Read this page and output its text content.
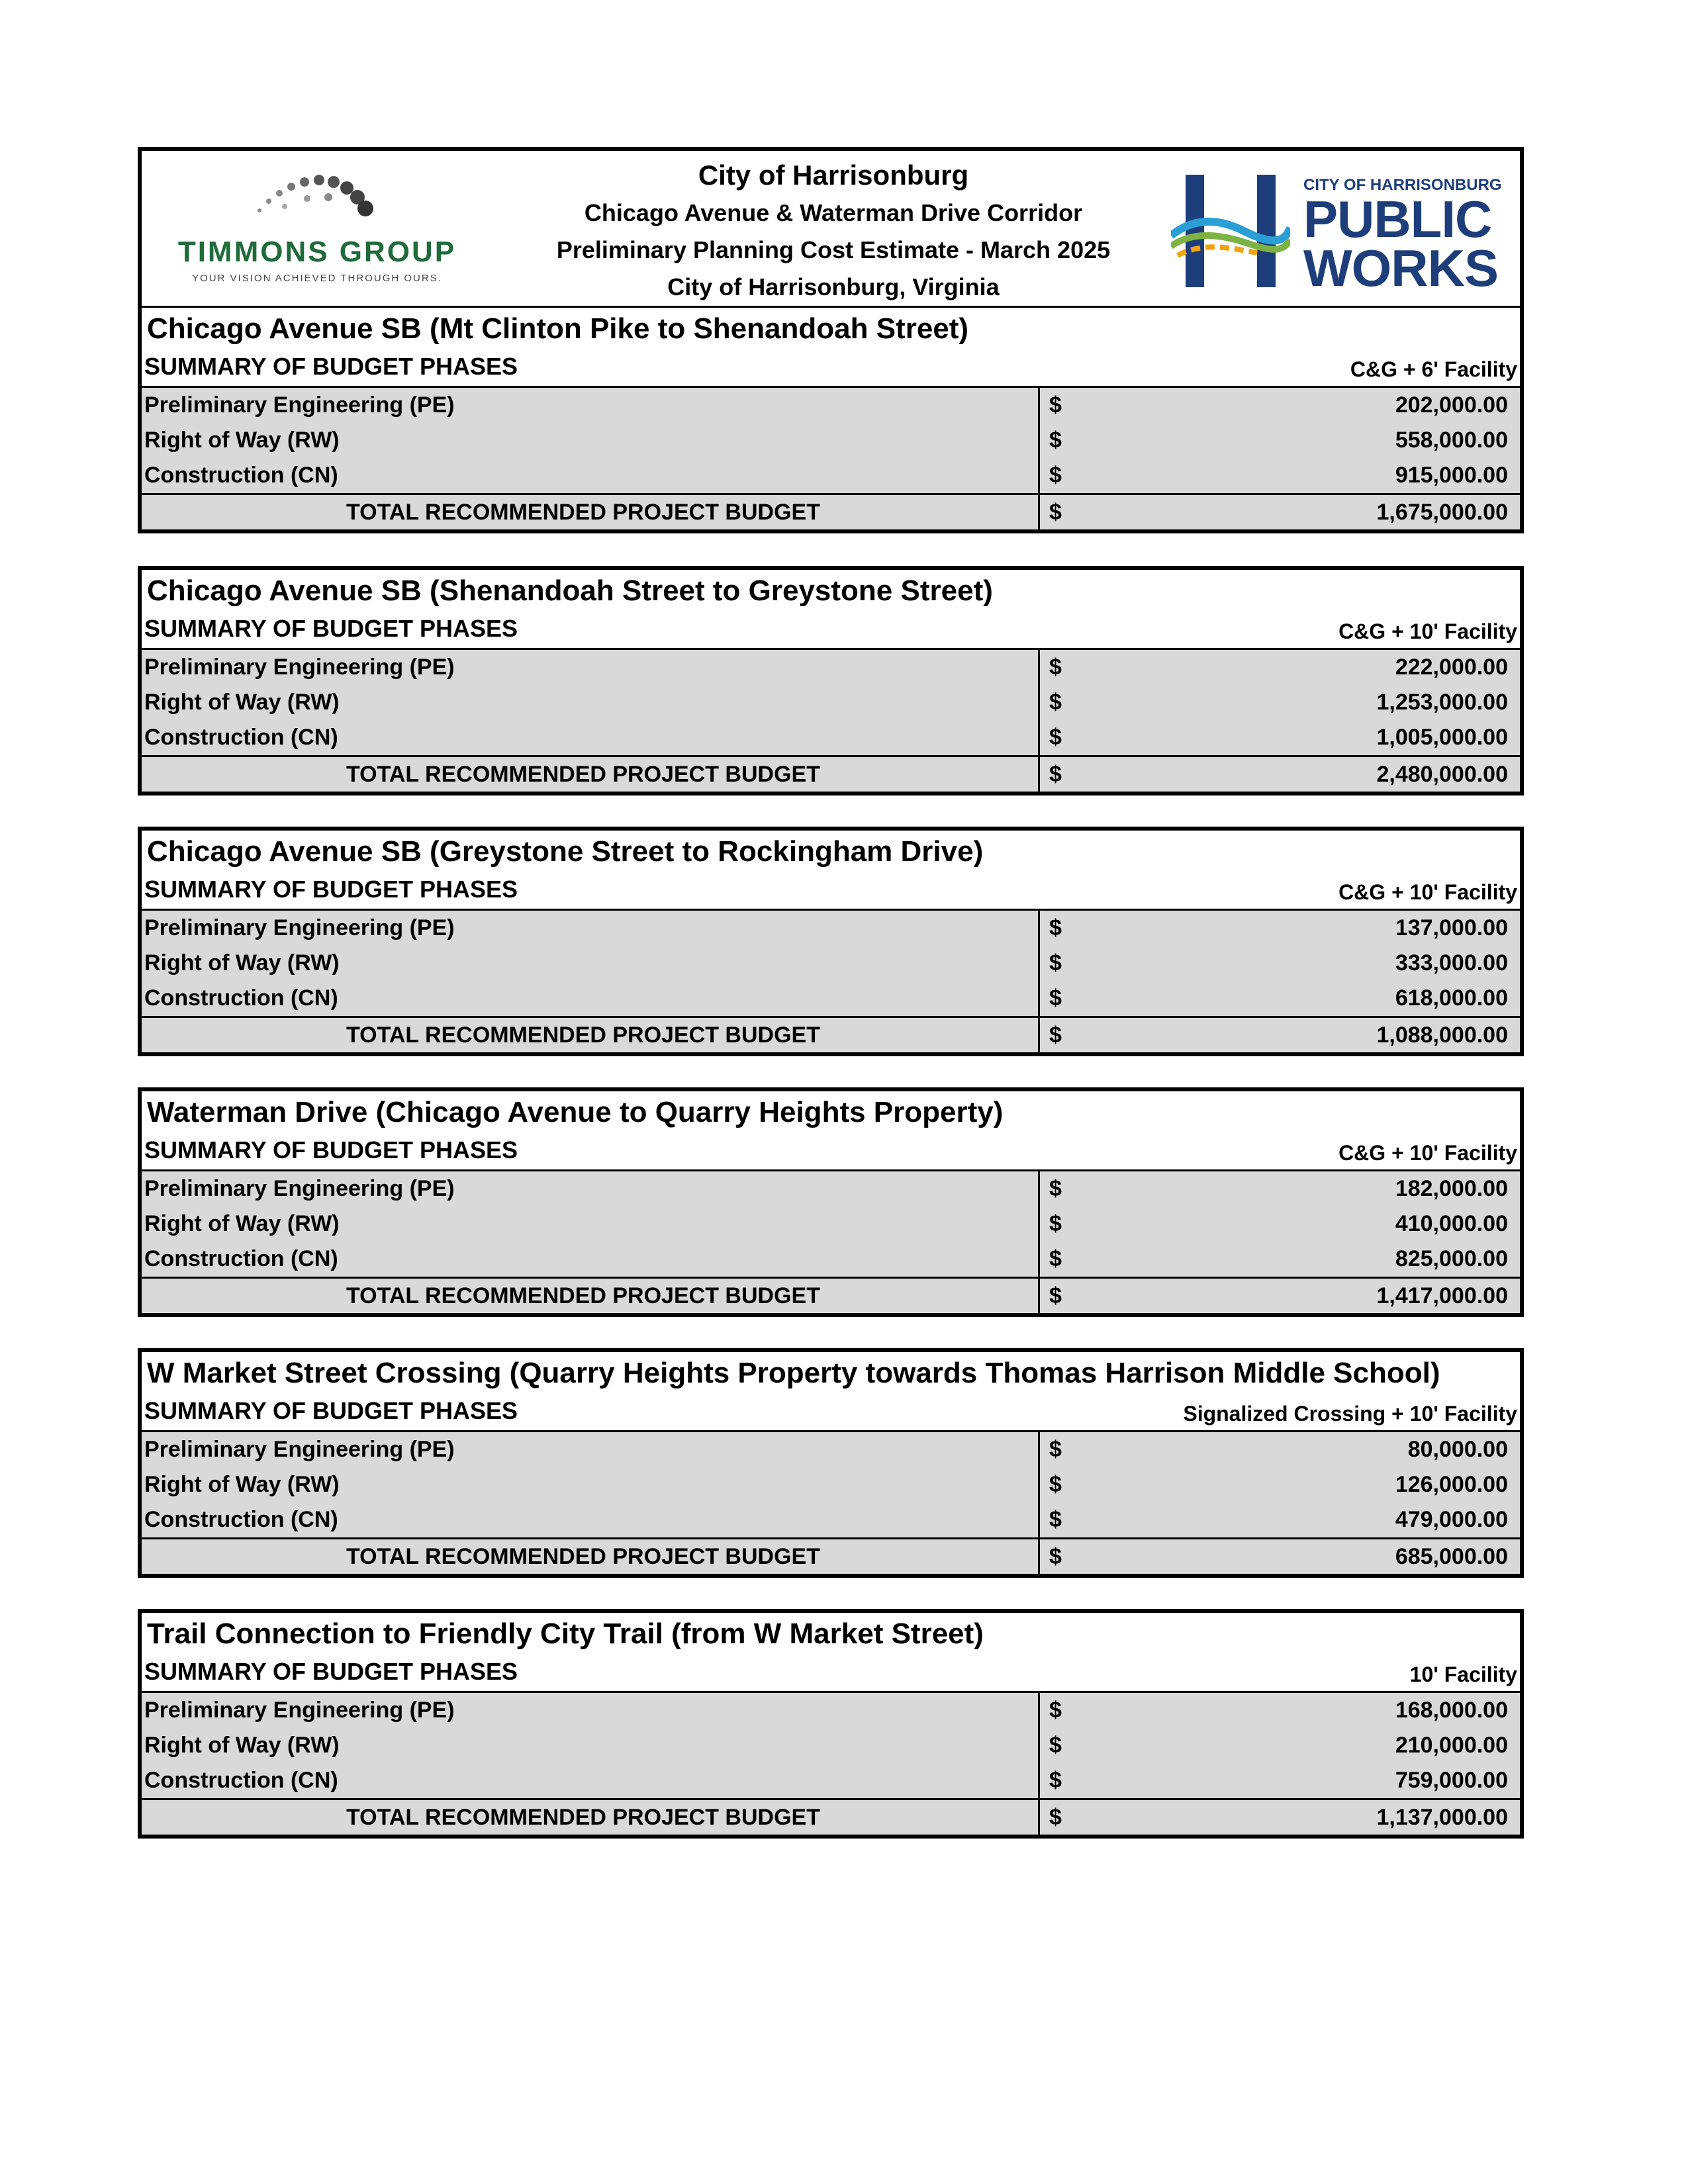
TIMMONS GROUP
YOUR VISION ACHIEVED THROUGH OURS.
City of Harrisonburg
Chicago Avenue & Waterman Drive Corridor
Preliminary Planning Cost Estimate - March 2025
City of Harrisonburg, Virginia
CITY OF HARRISONBURG
PUBLIC
WORKS
Chicago Avenue SB (Mt Clinton Pike to Shenandoah Street)
SUMMARY OF BUDGET PHASES	C&G + 6' Facility
Preliminary Engineering (PE)	$	202,000.00
Right of Way (RW)	$	558,000.00
Construction (CN)	$	915,000.00
TOTAL RECOMMENDED PROJECT BUDGET	$	1,675,000.00
Chicago Avenue SB (Shenandoah Street to Greystone Street)
SUMMARY OF BUDGET PHASES	C&G + 10' Facility
Preliminary Engineering (PE)	$	222,000.00
Right of Way (RW)	$	1,253,000.00
Construction (CN)	$	1,005,000.00
TOTAL RECOMMENDED PROJECT BUDGET	$	2,480,000.00
Chicago Avenue SB (Greystone Street to Rockingham Drive)
SUMMARY OF BUDGET PHASES	C&G + 10' Facility
Preliminary Engineering (PE)	$	137,000.00
Right of Way (RW)	$	333,000.00
Construction (CN)	$	618,000.00
TOTAL RECOMMENDED PROJECT BUDGET	$	1,088,000.00
Waterman Drive (Chicago Avenue to Quarry Heights Property)
SUMMARY OF BUDGET PHASES	C&G + 10' Facility
Preliminary Engineering (PE)	$	182,000.00
Right of Way (RW)	$	410,000.00
Construction (CN)	$	825,000.00
TOTAL RECOMMENDED PROJECT BUDGET	$	1,417,000.00
W Market Street Crossing (Quarry Heights Property towards Thomas Harrison Middle School)
SUMMARY OF BUDGET PHASES	Signalized Crossing + 10' Facility
Preliminary Engineering (PE)	$	80,000.00
Right of Way (RW)	$	126,000.00
Construction (CN)	$	479,000.00
TOTAL RECOMMENDED PROJECT BUDGET	$	685,000.00
Trail Connection to Friendly City Trail (from W Market Street)
SUMMARY OF BUDGET PHASES	10' Facility
Preliminary Engineering (PE)	$	168,000.00
Right of Way (RW)	$	210,000.00
Construction (CN)	$	759,000.00
TOTAL RECOMMENDED PROJECT BUDGET	$	1,137,000.00
